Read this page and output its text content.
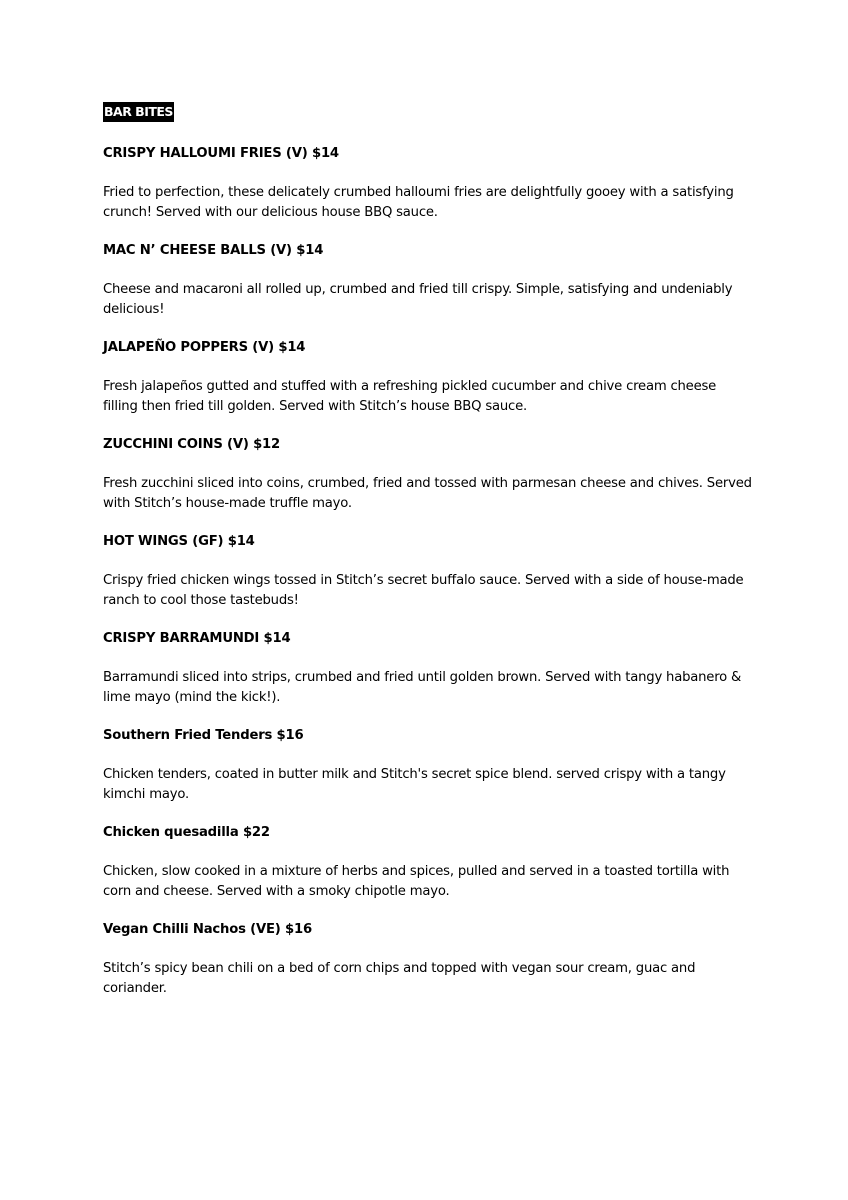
BAR BITES

CRISPY HALLOUMI FRIES (V) $14

Fried to perfection, these delicately crumbed halloumi fries are delightfully gooey with a satisfying crunch! Served with our delicious house BBQ sauce.

MAC N’ CHEESE BALLS (V) $14

Cheese and macaroni all rolled up, crumbed and fried till crispy. Simple, satisfying and undeniably delicious!

JALAPEÑO POPPERS (V) $14

Fresh jalapeños gutted and stuffed with a refreshing pickled cucumber and chive cream cheese filling then fried till golden. Served with Stitch’s house BBQ sauce.

ZUCCHINI COINS (V) $12

Fresh zucchini sliced into coins, crumbed, fried and tossed with parmesan cheese and chives. Served with Stitch’s house-made truffle mayo.

HOT WINGS (GF) $14

Crispy fried chicken wings tossed in Stitch’s secret buffalo sauce. Served with a side of house-made ranch to cool those tastebuds!

CRISPY BARRAMUNDI $14

Barramundi sliced into strips, crumbed and fried until golden brown. Served with tangy habanero & lime mayo (mind the kick!).

Southern Fried Tenders $16

Chicken tenders, coated in butter milk and Stitch's secret spice blend. served crispy with a tangy kimchi mayo.

Chicken quesadilla $22

Chicken, slow cooked in a mixture of herbs and spices, pulled and served in a toasted tortilla with corn and cheese. Served with a smoky chipotle mayo.

Vegan Chilli Nachos (VE) $16

Stitch’s spicy bean chili on a bed of corn chips and topped with vegan sour cream, guac and coriander.
